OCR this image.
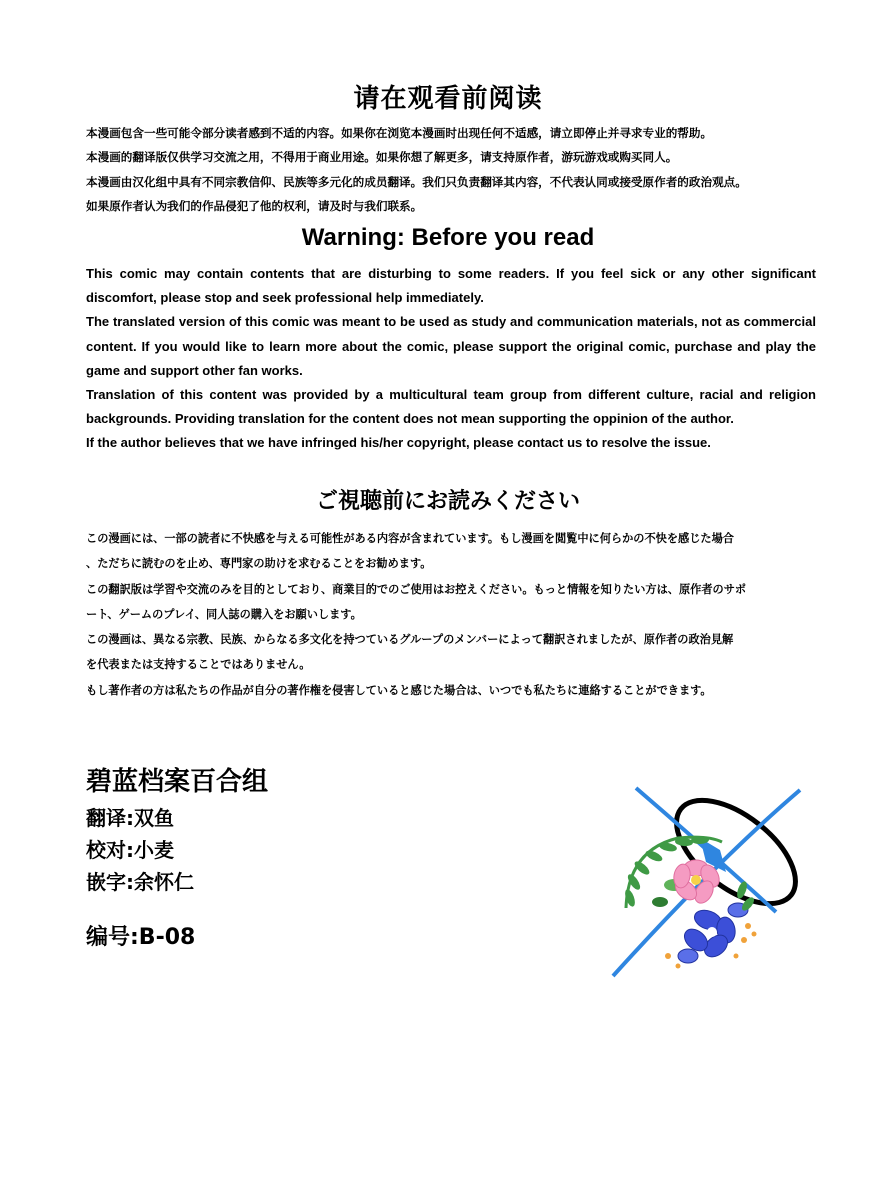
请在观看前阅读
本漫画包含一些可能令部分读者感到不适的内容。如果你在浏览本漫画时出现任何不适感，请立即停止并寻求专业的帮助。
本漫画的翻译版仅供学习交流之用，不得用于商业用途。如果你想了解更多，请支持原作者，游玩游戏或购买同人。
本漫画由汉化组中具有不同宗教信仰、民族等多元化的成员翻译。我们只负责翻译其内容，不代表认同或接受原作者的政治观点。
如果原作者认为我们的作品侵犯了他的权利，请及时与我们联系。
Warning: Before you read
This comic may contain contents that are disturbing to some readers. If you feel sick or any other significant discomfort, please stop and seek professional help immediately.
The translated version of this comic was meant to be used as study and communication materials, not as commercial content. If you would like to learn more about the comic, please support the original comic, purchase and play the game and support other fan works.
Translation of this content was provided by a multicultural team group from different culture, racial and religion backgrounds. Providing translation for the content does not mean supporting the oppinion of the author.
If the author believes that we have infringed his/her copyright, please contact us to resolve the issue.
ご視聴前にお読みください
この漫画には、一部の読者に不快感を与える可能性がある内容が含まれています。もし漫画を閲覧中に何らかの不快を感じた場合
、ただちに読むのを止め、専門家の助けを求むることをお勧めます。
この翻訳版は学習や交流のみを目的としており、商業目的でのご使用はお控えください。もっと情報を知りたい方は、原作者のサポ
ート、ゲームのプレイ、同人誌の購入をお願いします。
この漫画は、異なる宗教、民族、からなる多文化を持つているグループのメンバーによって翻訳されましたが、原作者の政治見解
を代表または支持することではありません。
もし著作者の方は私たちの作品が自分の著作権を侵害していると感じた場合は、いつでも私たちに連絡することができます。
碧蓝档案百合组
翻译:双鱼
校对:小麦
嵌字:余怀仁
编号:B-08
